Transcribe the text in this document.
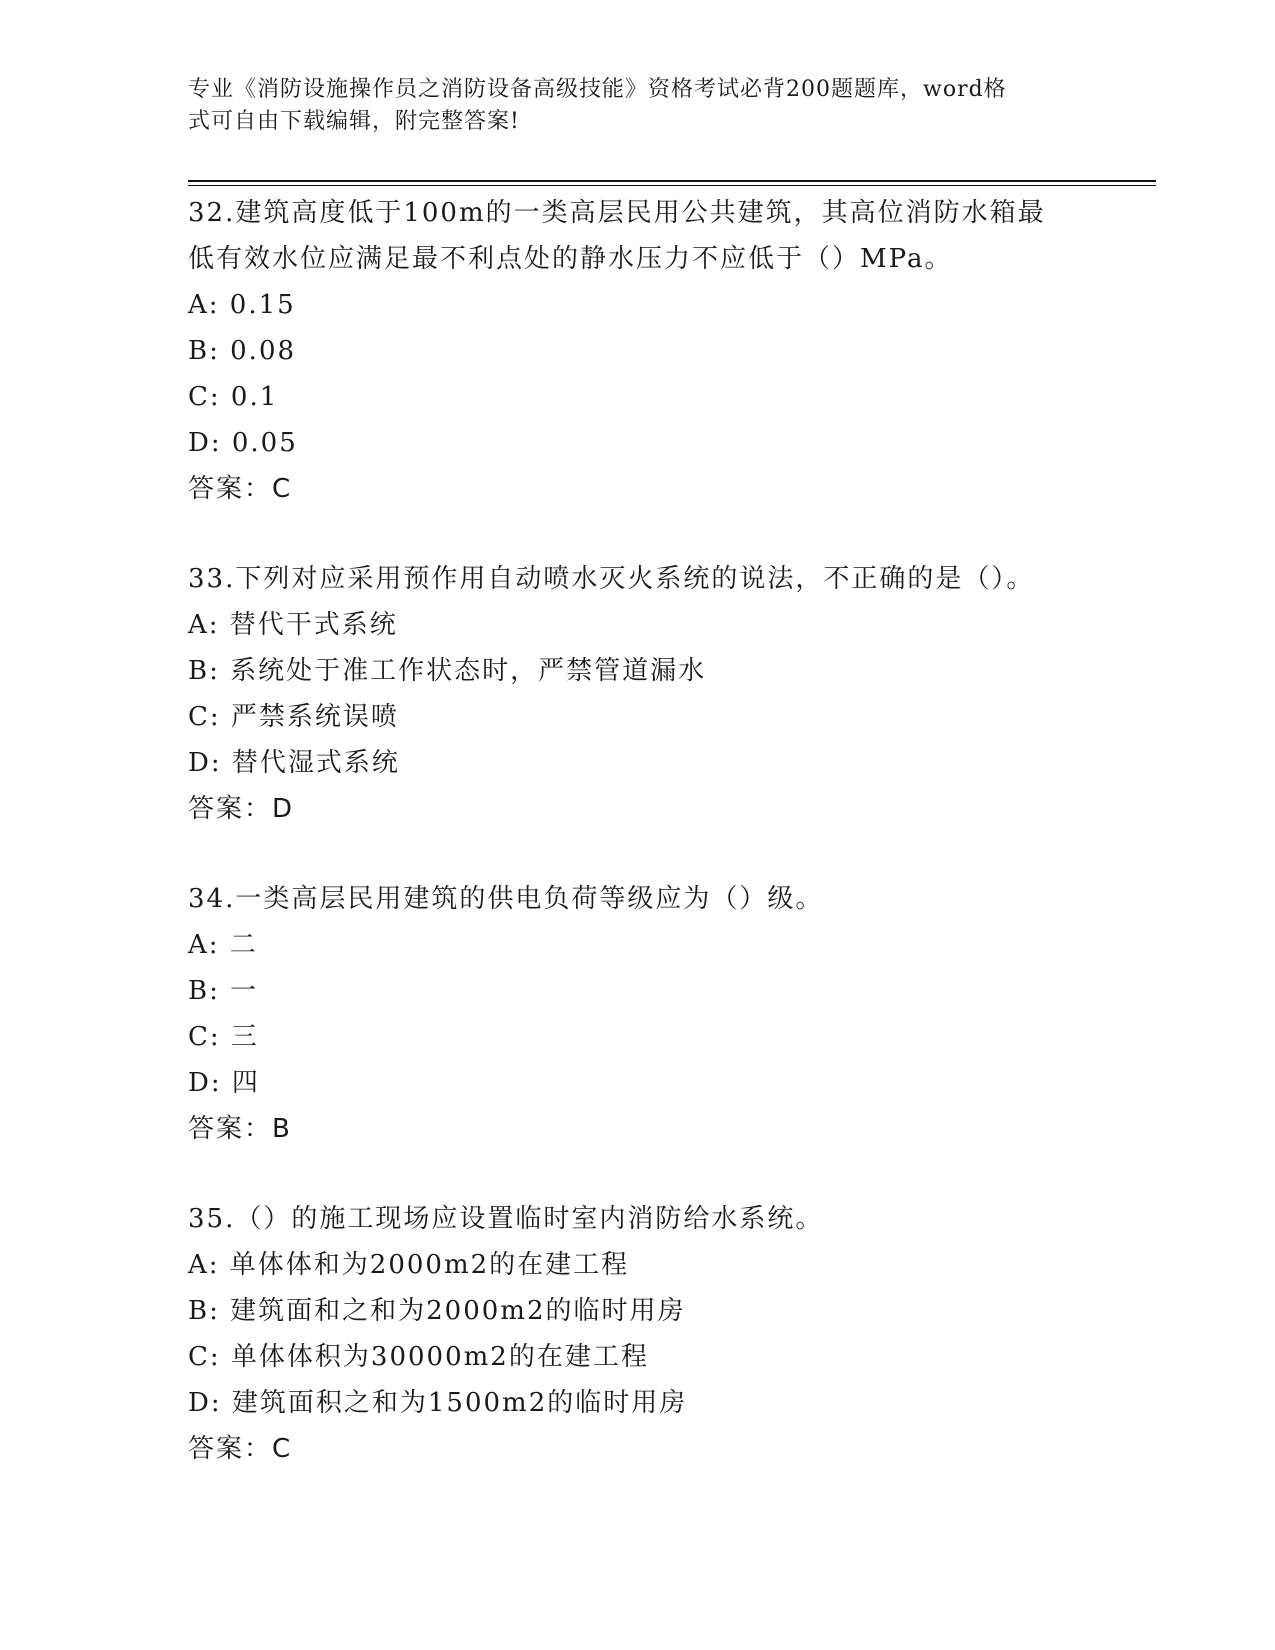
专业《消防设施操作员之消防设备高级技能》资格考试必背200题题库，word格
式可自由下载编辑，附完整答案!
32.建筑高度低于100m的一类高层民用公共建筑，其高位消防水箱最
低有效水位应满足最不利点处的静水压力不应低于（）MPa。
A: 0.15
B: 0.08
C: 0.1
D: 0.05
答案：C
33.下列对应采用预作用自动喷水灭火系统的说法，不正确的是（）。
A: 替代干式系统
B: 系统处于准工作状态时，严禁管道漏水
C: 严禁系统误喷
D: 替代湿式系统
答案：D
34.一类高层民用建筑的供电负荷等级应为（）级。
A: 二
B: 一
C: 三
D: 四
答案：B
35.（）的施工现场应设置临时室内消防给水系统。
A: 单体体和为2000m2的在建工程
B: 建筑面和之和为2000m2的临时用房
C: 单体体积为30000m2的在建工程
D: 建筑面积之和为1500m2的临时用房
答案：C
